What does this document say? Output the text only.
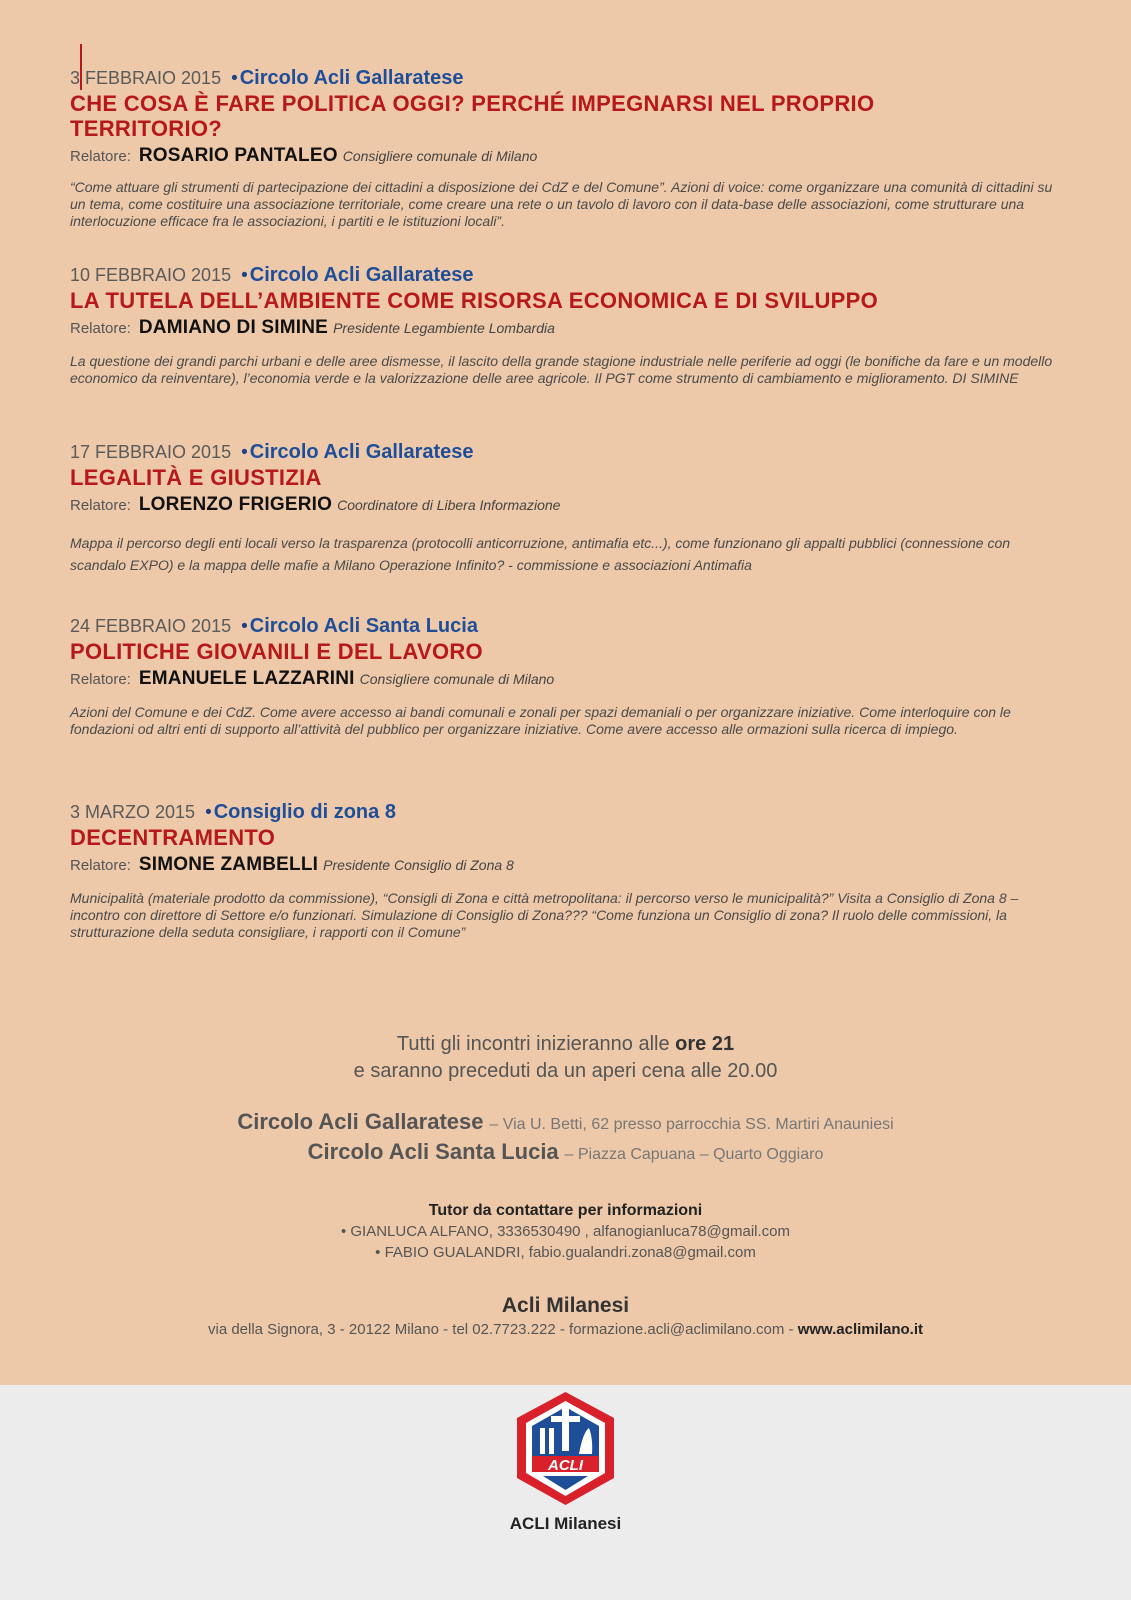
3 FEBBRAIO 2015 • Circolo Acli Gallaratese
CHE COSA È FARE POLITICA OGGI? PERCHÉ IMPEGNARSI NEL PROPRIO TERRITORIO?
Relatore: ROSARIO PANTALEO Consigliere comunale di Milano
“Come attuare gli strumenti di partecipazione dei cittadini a disposizione dei CdZ e del Comune”. Azioni di voice: come organizzare una comunità di cittadini su un tema, come costituire una associazione territoriale, come creare una rete o un tavolo di lavoro con il data-base delle associazioni, come strutturare una interlocuzione efficace fra le associazioni, i partiti e le istituzioni locali”.
10 FEBBRAIO 2015 • Circolo Acli Gallaratese
LA TUTELA DELL’AMBIENTE COME RISORSA ECONOMICA E DI SVILUPPO
Relatore: DAMIANO DI SIMINE Presidente Legambiente Lombardia
La questione dei grandi parchi urbani e delle aree dismesse, il lascito della grande stagione industriale nelle periferie ad oggi (le bonifiche da fare e un modello economico da reinventare), l’economia verde e la valorizzazione delle aree agricole. Il PGT come strumento di cambiamento e miglioramento. DI SIMINE
17 FEBBRAIO 2015 • Circolo Acli Gallaratese
LEGALITÀ E GIUSTIZIA
Relatore: LORENZO FRIGERIO Coordinatore di Libera Informazione
Mappa il percorso degli enti locali verso la trasparenza (protocolli anticorruzione, antimafia etc...), come funzionano gli appalti pubblici (connessione con scandalo EXPO) e la mappa delle mafie a Milano Operazione Infinito? - commissione e associazioni Antimafia
24 FEBBRAIO 2015 • Circolo Acli Santa Lucia
POLITICHE GIOVANILI E DEL LAVORO
Relatore: EMANUELE LAZZARINI Consigliere comunale di Milano
Azioni del Comune e dei CdZ. Come avere accesso ai bandi comunali e zonali per spazi demaniali o per organizzare iniziative. Come interloquire con le fondazioni od altri enti di supporto all’attività del pubblico per organizzare iniziative. Come avere accesso alle ormazioni sulla ricerca di impiego.
3 MARZO 2015 • Consiglio di zona 8
DECENTRAMENTO
Relatore: SIMONE ZAMBELLI Presidente Consiglio di Zona 8
Municipalità (materiale prodotto da commissione), “Consigli di Zona e città metropolitana: il percorso verso le municipalità?” Visita a Consiglio di Zona 8 – incontro con direttore di Settore e/o funzionari. Simulazione di Consiglio di Zona??? “Come funziona un Consiglio di zona? Il ruolo delle commissioni, la strutturazione della seduta consigliare, i rapporti con il Comune”
Tutti gli incontri inizieranno alle ore 21
e saranno preceduti da un aperi cena alle 20.00
Circolo Acli Gallaratese – Via U. Betti, 62 presso parrocchia SS. Martiri Anauniesi
Circolo Acli Santa Lucia – Piazza Capuana – Quarto Oggiaro
Tutor da contattare per informazioni
• GIANLUCA ALFANO, 3336530490 , alfanogianluca78@gmail.com
• FABIO GUALANDRI, fabio.gualandri.zona8@gmail.com
Acli Milanesi
via della Signora, 3 - 20122 Milano - tel 02.7723.222 - formazione.acli@aclimilano.com - www.aclimilano.it
ACLI
ACLI Milanesi
